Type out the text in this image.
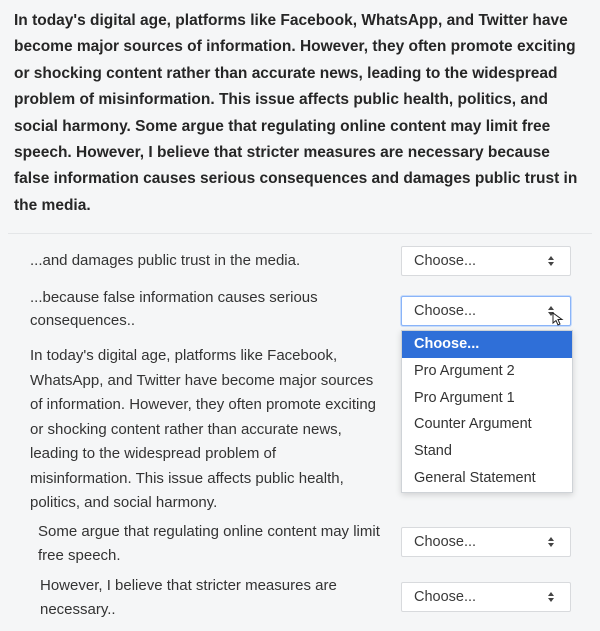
In today's digital age, platforms like Facebook, WhatsApp, and Twitter have
become major sources of information. However, they often promote exciting
or shocking content rather than accurate news, leading to the widespread
problem of misinformation. This issue affects public health, politics, and
social harmony. Some argue that regulating online content may limit free
speech. However, I believe that stricter measures are necessary because
false information causes serious consequences and damages public trust in
the media.
...and damages public trust in the media.	Choose...
...because false information causes serious
consequences..
Choose...
In today's digital age, platforms like Facebook,
WhatsApp, and Twitter have become major sources
of information. However, they often promote exciting
or shocking content rather than accurate news,
leading to the widespread problem of
misinformation. This issue affects public health,
politics, and social harmony.
Some argue that regulating online content may limit
free speech.
Choose...
However, I believe that stricter measures are
necessary..
Choose...
Choose...
Pro Argument 2
Pro Argument 1
Counter Argument
Stand
General Statement
